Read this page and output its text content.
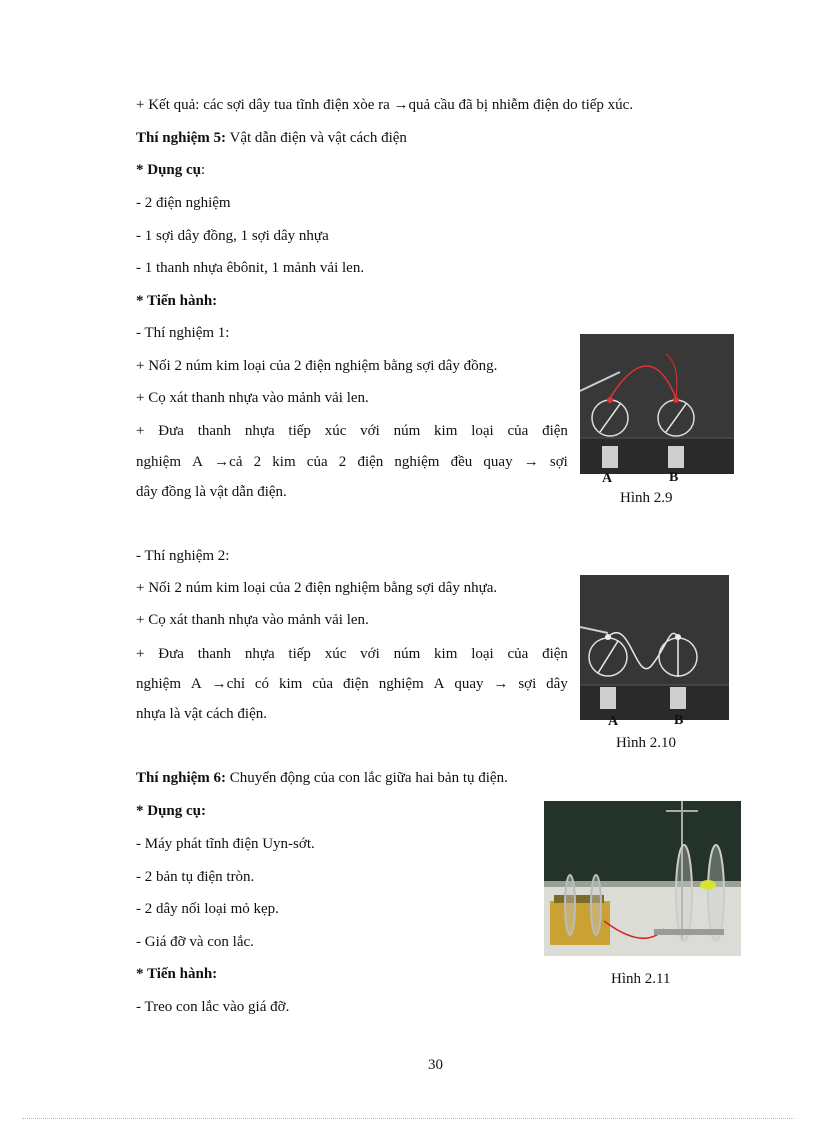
+ Kết quả: các sợi dây tua tĩnh điện xòe ra →quả cầu đã bị nhiễm điện do tiếp xúc.
Thí nghiệm 5: Vật dẫn điện và vật cách điện
* Dụng cụ:
- 2 điện nghiệm
- 1 sợi dây đồng, 1 sợi dây nhựa
- 1 thanh nhựa êbônit, 1 mảnh vải len.
* Tiến hành:
- Thí nghiệm 1:
+ Nối 2 núm kim loại của 2 điện nghiệm bằng sợi dây đồng.
+ Cọ xát thanh nhựa vào mảnh vải len.
+ Đưa thanh nhựa tiếp xúc với núm kim loại của điện
nghiệm A →cả 2 kim của 2 điện nghiệm đều quay → sợi
dây đồng là vật dẫn điện.
- Thí nghiệm 2:
+ Nối 2 núm kim loại của 2 điện nghiệm bằng sợi dây nhựa.
+ Cọ xát thanh nhựa vào mảnh vải len.
+ Đưa thanh nhựa tiếp xúc với núm kim loại của điện
nghiệm A →chỉ có kim của điện nghiệm A quay → sợi dây
nhựa là vật cách điện.
Thí nghiệm 6: Chuyển động của con lắc giữa hai bản tụ điện.
* Dụng cụ:
- Máy phát tĩnh điện Uyn-sớt.
- 2 bản tụ điện tròn.
- 2 dây nối loại mỏ kẹp.
- Giá đỡ và con lắc.
* Tiến hành:
- Treo con lắc vào giá đỡ.
A	B
Hình 2.9
A	B
Hình 2.10
Hình 2.11
30
